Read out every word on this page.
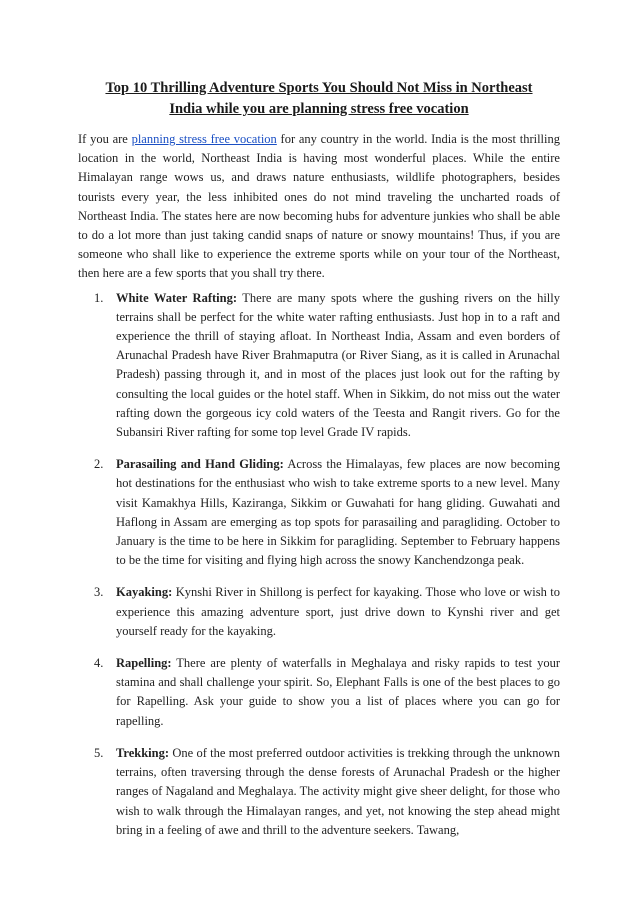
Top 10 Thrilling Adventure Sports You Should Not Miss in Northeast India while you are planning stress free vocation

If you are planning stress free vocation for any country in the world. India is the most thrilling location in the world, Northeast India is having most wonderful places. While the entire Himalayan range wows us, and draws nature enthusiasts, wildlife photographers, besides tourists every year, the less inhibited ones do not mind traveling the uncharted roads of Northeast India. The states here are now becoming hubs for adventure junkies who shall be able to do a lot more than just taking candid snaps of nature or snowy mountains! Thus, if you are someone who shall like to experience the extreme sports while on your tour of the Northeast, then here are a few sports that you shall try there.

1. White Water Rafting: There are many spots where the gushing rivers on the hilly terrains shall be perfect for the white water rafting enthusiasts. Just hop in to a raft and experience the thrill of staying afloat. In Northeast India, Assam and even borders of Arunachal Pradesh have River Brahmaputra (or River Siang, as it is called in Arunachal Pradesh) passing through it, and in most of the places just look out for the rafting by consulting the local guides or the hotel staff. When in Sikkim, do not miss out the water rafting down the gorgeous icy cold waters of the Teesta and Rangit rivers. Go for the Subansiri River rafting for some top level Grade IV rapids.
2. Parasailing and Hand Gliding: Across the Himalayas, few places are now becoming hot destinations for the enthusiast who wish to take extreme sports to a new level. Many visit Kamakhya Hills, Kaziranga, Sikkim or Guwahati for hang gliding. Guwahati and Haflong in Assam are emerging as top spots for parasailing and paragliding. October to January is the time to be here in Sikkim for paragliding. September to February happens to be the time for visiting and flying high across the snowy Kanchendzonga peak.
3. Kayaking: Kynshi River in Shillong is perfect for kayaking. Those who love or wish to experience this amazing adventure sport, just drive down to Kynshi river and get yourself ready for the kayaking.
4. Rapelling: There are plenty of waterfalls in Meghalaya and risky rapids to test your stamina and shall challenge your spirit. So, Elephant Falls is one of the best places to go for Rapelling. Ask your guide to show you a list of places where you can go for rapelling.
5. Trekking: One of the most preferred outdoor activities is trekking through the unknown terrains, often traversing through the dense forests of Arunachal Pradesh or the higher ranges of Nagaland and Meghalaya. The activity might give sheer delight, for those who wish to walk through the Himalayan ranges, and yet, not knowing the step ahead might bring in a feeling of awe and thrill to the adventure seekers. Tawang,
